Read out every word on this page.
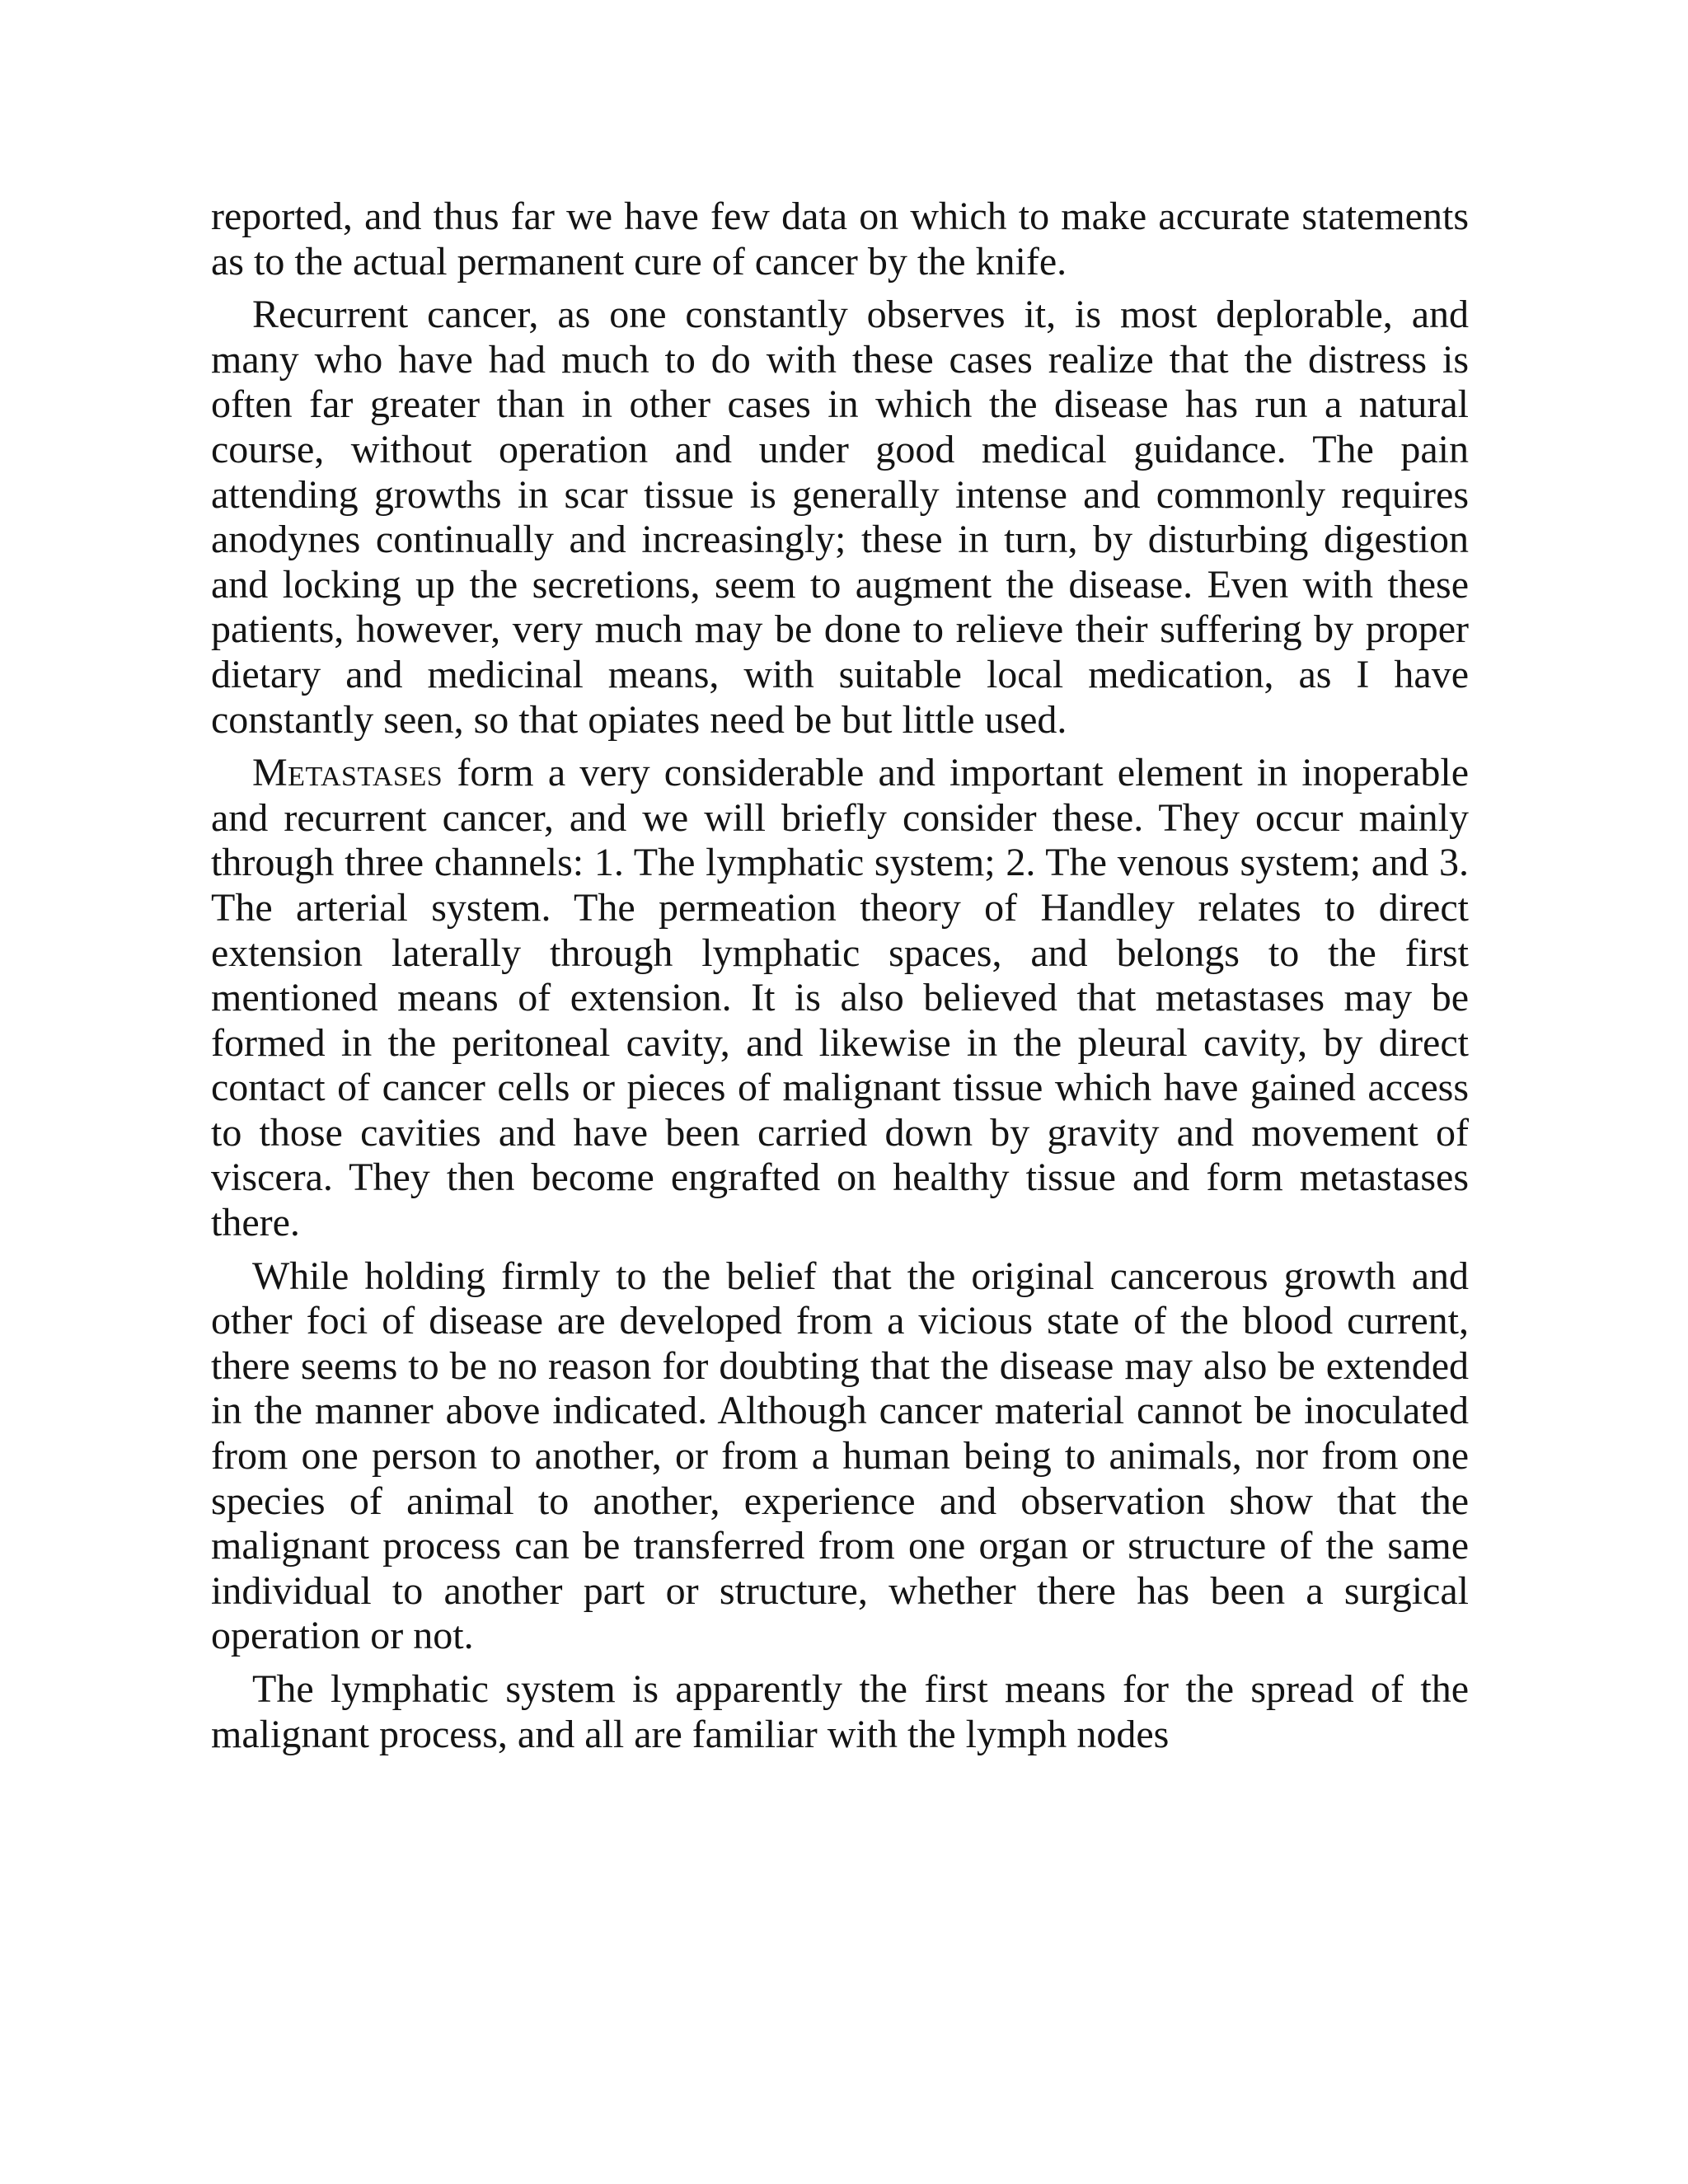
reported, and thus far we have few data on which to make accurate statements as to the actual permanent cure of cancer by the knife.

Recurrent cancer, as one constantly observes it, is most deplorable, and many who have had much to do with these cases realize that the distress is often far greater than in other cases in which the disease has run a natural course, without operation and under good medical guidance. The pain attending growths in scar tissue is generally intense and commonly requires anodynes continually and increasingly; these in turn, by disturbing digestion and locking up the secretions, seem to augment the disease. Even with these patients, however, very much may be done to relieve their suffering by proper dietary and medicinal means, with suitable local medication, as I have constantly seen, so that opiates need be but little used.

Metastases form a very considerable and important element in inoperable and recurrent cancer, and we will briefly consider these. They occur mainly through three channels: 1. The lymphatic system; 2. The venous system; and 3. The arterial system. The permeation theory of Handley relates to direct extension laterally through lymphatic spaces, and belongs to the first mentioned means of extension. It is also believed that metastases may be formed in the peritoneal cavity, and likewise in the pleural cavity, by direct contact of cancer cells or pieces of malignant tissue which have gained access to those cavities and have been carried down by gravity and movement of viscera. They then become engrafted on healthy tissue and form metastases there.

While holding firmly to the belief that the original cancerous growth and other foci of disease are developed from a vicious state of the blood current, there seems to be no reason for doubting that the disease may also be extended in the manner above indicated. Although cancer material cannot be inoculated from one person to another, or from a human being to animals, nor from one species of animal to another, experience and observation show that the malignant process can be transferred from one organ or structure of the same individual to another part or structure, whether there has been a surgical operation or not.

The lymphatic system is apparently the first means for the spread of the malignant process, and all are familiar with the lymph nodes
